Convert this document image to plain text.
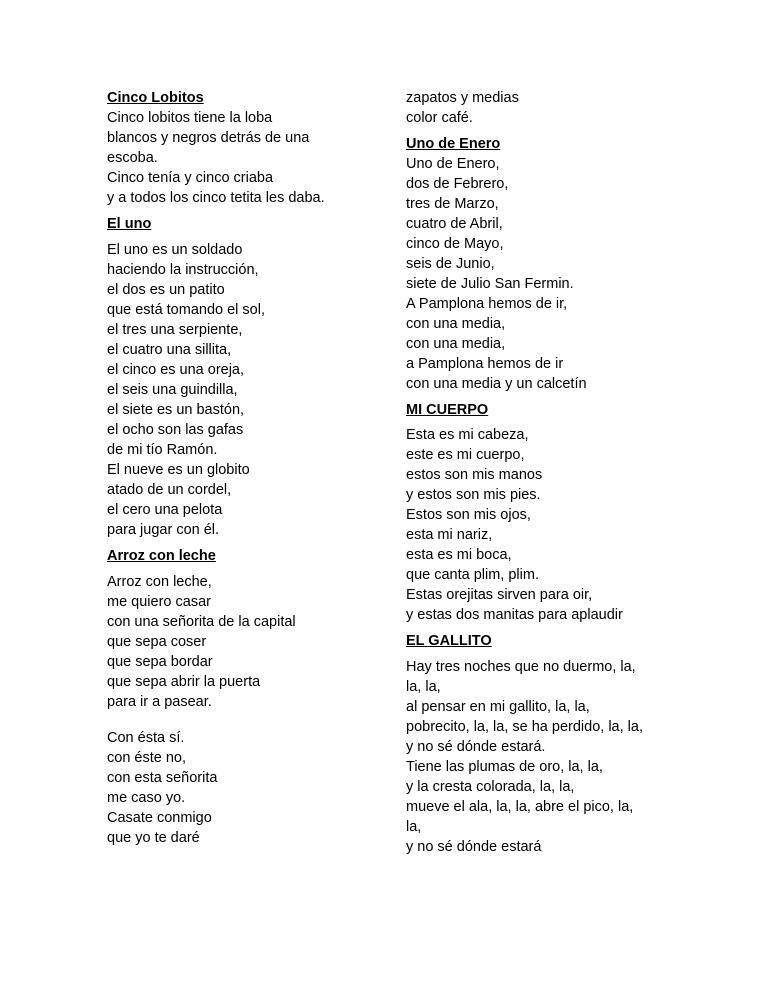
Cinco Lobitos
Cinco lobitos tiene la loba
blancos y negros detrás de una
escoba.
Cinco tenía y cinco criaba
y a todos los cinco tetita les daba.
El uno
El uno es un soldado
haciendo la instrucción,
el dos es un patito
que está tomando el sol,
el tres una serpiente,
el cuatro una sillita,
el cinco es una oreja,
el seis una guindilla,
el siete es un bastón,
el ocho son las gafas
de mi tío Ramón.
El nueve es un globito
atado de un cordel,
el cero una pelota
para jugar con él.
Arroz con leche
Arroz con leche,
me quiero casar
con una señorita de la capital
que sepa coser
que sepa bordar
que sepa abrir la puerta
para ir a pasear.
Con ésta sí.
con éste no,
con esta señorita
me caso yo.
Casate conmigo
que yo te daré
zapatos y medias
color café.
Uno de Enero
Uno de Enero,
dos de Febrero,
tres de Marzo,
cuatro de Abril,
cinco de Mayo,
seis de Junio,
siete de Julio San Fermin.
A Pamplona hemos de ir,
con una media,
con una media,
a Pamplona hemos de ir
con una media y un calcetín
MI CUERPO
Esta es mi cabeza,
este es mi cuerpo,
estos son mis manos
y estos son mis pies.
Estos son mis ojos,
esta mi nariz,
esta es mi boca,
que canta plim, plim.
Estas orejitas sirven para oir,
y estas dos manitas para aplaudir
EL GALLITO
Hay tres noches que no duermo, la,
la, la,
al pensar en mi gallito, la, la,
pobrecito, la, la, se ha perdido, la, la,
y no sé dónde estará.
Tiene las plumas de oro, la, la,
y la cresta colorada, la, la,
mueve el ala, la, la, abre el pico, la,
la,
y no sé dónde estará
